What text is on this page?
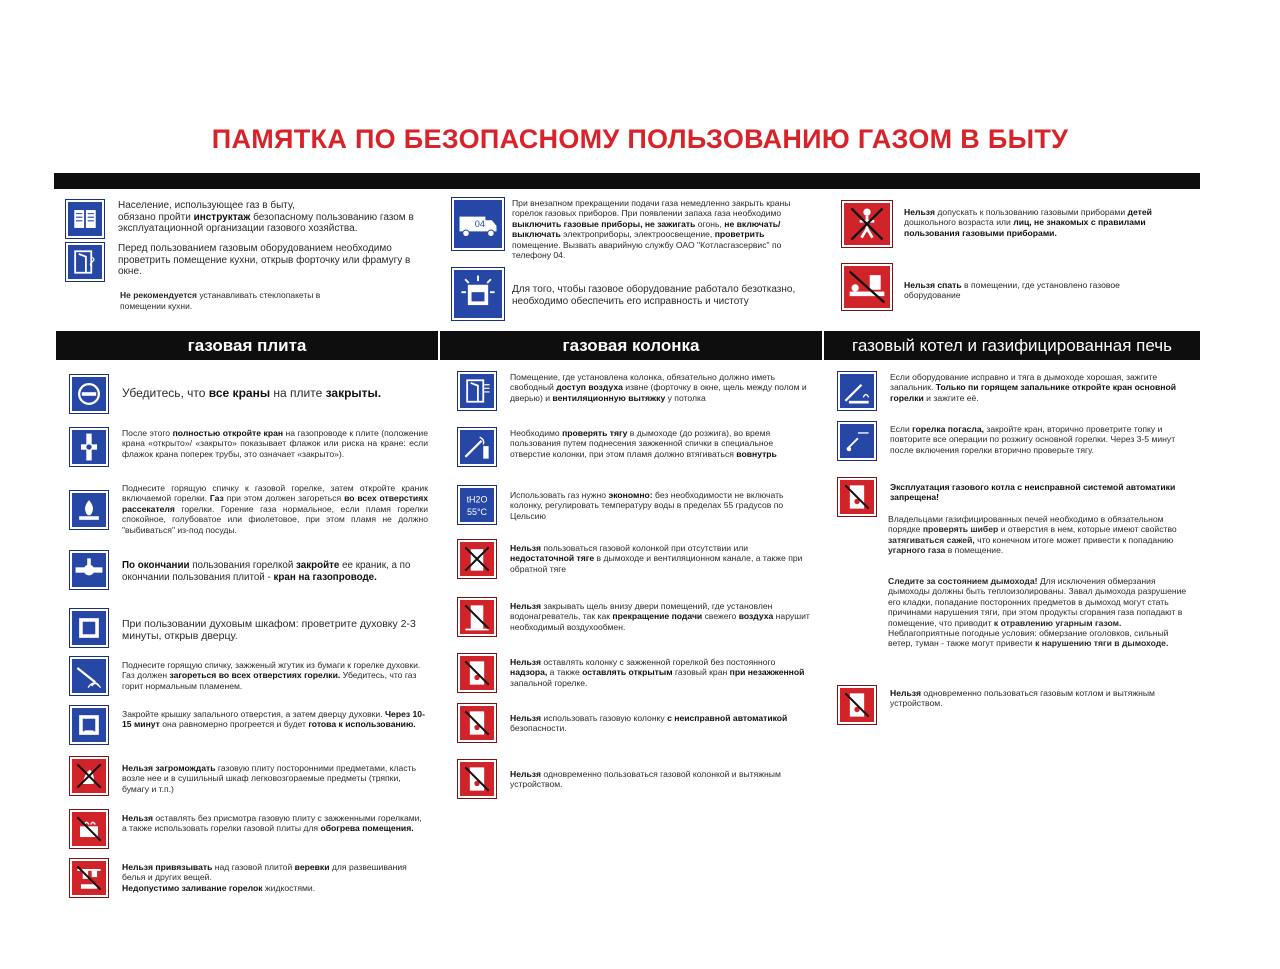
ПАМЯТКА ПО БЕЗОПАСНОМУ ПОЛЬЗОВАНИЮ ГАЗОМ В БЫТУ
Население, использующее газ в быту,
обязано пройти инструктаж безопасному пользованию газом в эксплуатационной организации газового хозяйства.
Перед пользованием газовым оборудованием необходимо проветрить помещение кухни, открыв форточку или фрамугу в окне.
Не рекомендуется устанавливать стеклопакеты в помещении кухни.
04
При внезапном прекращении подачи газа немедленно закрыть краны горелок газовых приборов. При появлении запаха газа необходимо выключить газовые приборы, не зажигать огонь, не включать/выключать электроприборы, электроосвещение, проветрить помещение. Вызвать аварийную службу ОАО "Котласгазсервис" по телефону 04.
Для того, чтобы газовое оборудование работало безотказно, необходимо обеспечить его исправность и чистоту
Нельзя допускать к пользованию газовыми приборами детей дошкольного возраста или лиц, не знакомых с правилами пользования газовыми приборами.
Нельзя спать в помещении, где установлено газовое оборудование
газовая плита	газовая колонка	газовый котел и газифицированная печь
Убедитесь, что все краны на плите закрыты.
После этого полностью откройте кран на газопроводе к плите (положение крана «открыто»/ «закрыто» показывает флажок или риска на кране: если флажок крана поперек трубы, это означает «закрыто»).
Поднесите горящую спичку к газовой горелке, затем откройте краник включаемой горелки. Газ при этом должен загореться во всех отверстиях рассекателя горелки. Горение газа нормальное, если пламя горелки спокойное, голубоватое или фиолетовое, при этом пламя не должно "выбиваться" из-под посуды.
По окончании пользования горелкой закройте ее краник, а по окончании пользования плитой - кран на газопроводе.
При пользовании духовым шкафом: проветрите духовку 2-3 минуты, открыв дверцу.
Поднесите горящую спичку, зажженый жгутик из бумаги к горелке духовки. Газ должен загореться во всех отверстиях горелки. Убедитесь, что газ горит нормальным пламенем.
Закройте крышку запального отверстия, а затем дверцу духовки. Через 10-15 минут она равномерно прогреется и будет готова к использованию.
Нельзя загромождать газовую плиту посторонними предметами, класть возле нее и в сушильный шкаф легковозгораемые предметы (тряпки, бумагу и т.п.)
Нельзя оставлять без присмотра газовую плиту с зажженными горелками, а также использовать горелки газовой плиты для обогрева помещения.
Нельзя привязывать над газовой плитой веревки для развешивания белья и других вещей.
Недопустимо заливание горелок жидкостями.
Помещение, где установлена колонка, обязательно должно иметь свободный доступ воздуха извне (форточку в окне, щель между полом и дверью) и вентиляционную вытяжку у потолка
Необходимо проверять тягу в дымоходе (до розжига), во время пользования путем поднесения зажженной спички в специальное отверстие колонки, при этом пламя должно втягиваться вовнутрь
tH2O
55°C
Использовать газ нужно экономно: без необходимости не включать колонку, регулировать температуру воды в пределах 55 градусов по Цельсию
Нельзя пользоваться газовой колонкой при отсутствии или недостаточной тяге в дымоходе и вентиляционном канале, а также при обратной тяге
Нельзя закрывать щель внизу двери помещений, где установлен водонагреватель, так как прекращение подачи свежего воздуха нарушит необходимый воздухообмен.
Нельзя оставлять колонку с зажженной горелкой без постоянного надзора, а также оставлять открытым газовый кран при незажженной запальной горелке.
Нельзя использовать газовую колонку с неисправной автоматикой безопасности.
Нельзя одновременно пользоваться газовой колонкой и вытяжным устройством.
Если оборудование исправно и тяга в дымоходе хорошая, зажгите запальник. Только пи горящем запальнике откройте кран основной горелки и зажгите её.
Если горелка погасла, закройте кран, вторично проветрите топку и повторите все операции по розжигу основной горелки. Через 3-5 минут после включения горелки вторично проверьте тягу.
Эксплуатация газового котла с неисправной системой автоматики запрещена!
Владельцами газифицированных печей необходимо в обязательном порядке проверять шибер и отверстия в нем, которые имеют свойство затягиваться сажей, что конечном итоге может привести к попаданию угарного газа в помещение.
Следите за состоянием дымохода! Для исключения обмерзания дымоходы должны быть теплоизолированы. Завал дымохода разрушение его кладки, попадание посторонних предметов в дымоход могут стать причинами нарушения тяги, при этом продукты сгорания газа попадают в помещение, что приводит к отравлению угарным газом. Неблагоприятные погодные условия: обмерзание оголовков, сильный ветер, туман - также могут привести к нарушению тяги в дымоходе.
Нельзя одновременно пользоваться газовым котлом и вытяжным устройством.
